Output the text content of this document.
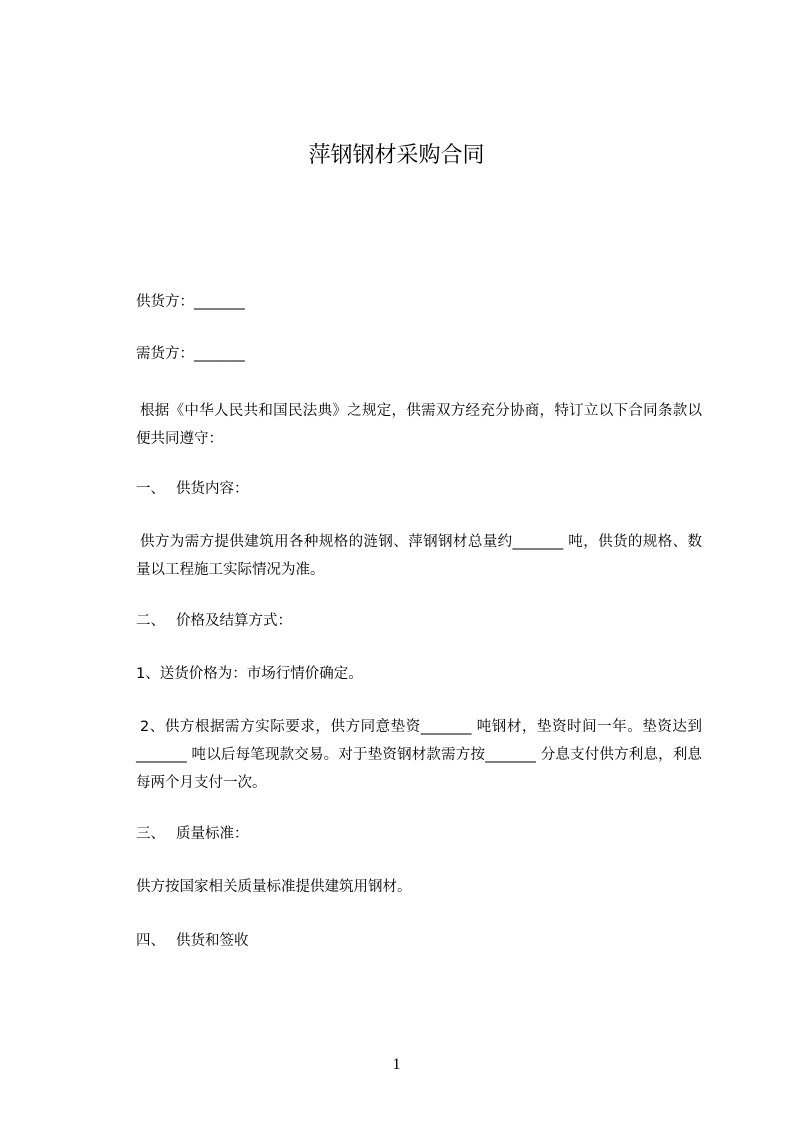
萍钢钢材采购合同
供货方：_______
需货方：_______
根据《中华人民共和国民法典》之规定，供需双方经充分协商，特订立以下合同条款以便共同遵守：
一、 供货内容：
供方为需方提供建筑用各种规格的涟钢、萍钢钢材总量约_______ 吨，供货的规格、数量以工程施工实际情况为准。
二、 价格及结算方式：
1、送货价格为：市场行情价确定。
2、供方根据需方实际要求，供方同意垫资_______ 吨钢材，垫资时间一年。垫资达到_______ 吨以后每笔现款交易。对于垫资钢材款需方按_______ 分息支付供方利息，利息每两个月支付一次。
三、 质量标准：
供方按国家相关质量标准提供建筑用钢材。
四、 供货和签收
1
